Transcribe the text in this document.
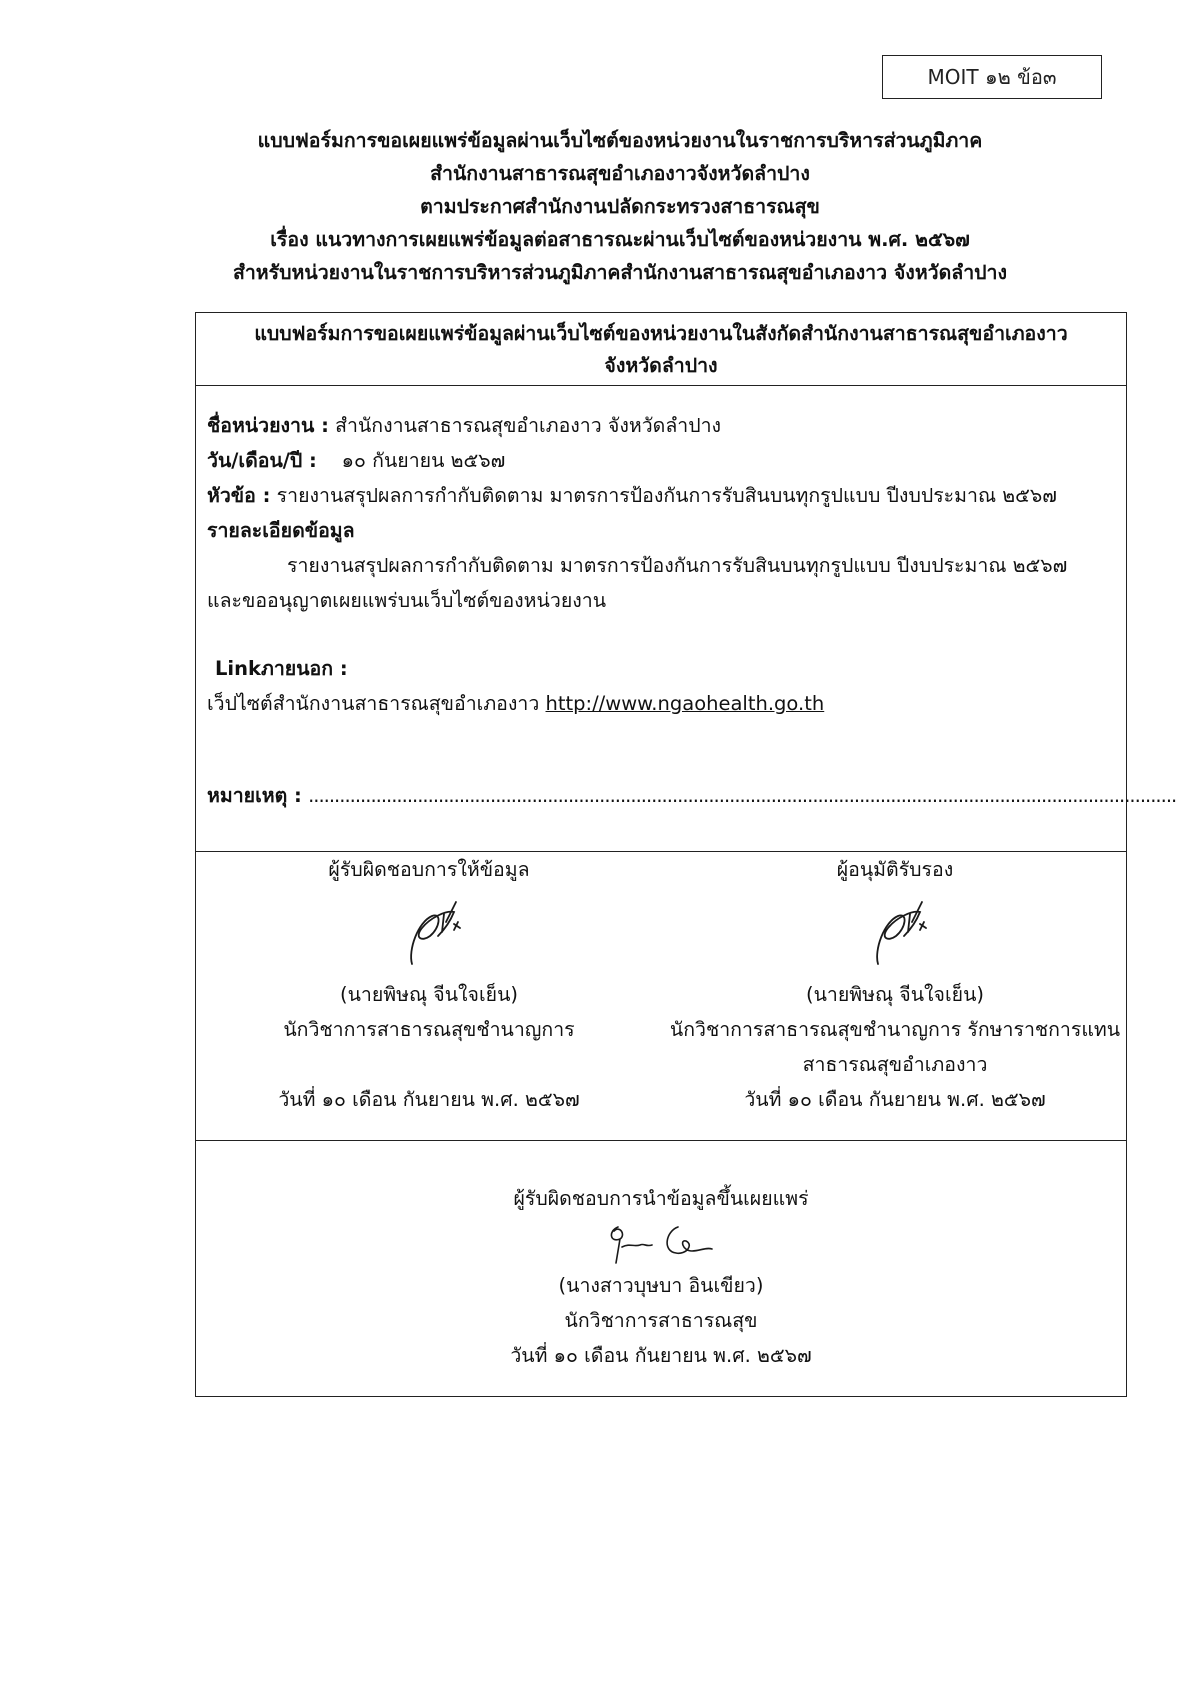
MOIT ๑๒ ข้อ๓
แบบฟอร์มการขอเผยแพร่ข้อมูลผ่านเว็บไซต์ของหน่วยงานในราชการบริหารส่วนภูมิภาค
สำนักงานสาธารณสุขอำเภองาวจังหวัดลำปาง
ตามประกาศสำนักงานปลัดกระทรวงสาธารณสุข
เรื่อง แนวทางการเผยแพร่ข้อมูลต่อสาธารณะผ่านเว็บไซต์ของหน่วยงาน พ.ศ. ๒๕๖๗
สำหรับหน่วยงานในราชการบริหารส่วนภูมิภาคสำนักงานสาธารณสุขอำเภองาว จังหวัดลำปาง
แบบฟอร์มการขอเผยแพร่ข้อมูลผ่านเว็บไซต์ของหน่วยงานในสังกัดสำนักงานสาธารณสุขอำเภองาว
จังหวัดลำปาง
ชื่อหน่วยงาน : สำนักงานสาธารณสุขอำเภองาว จังหวัดลำปาง
วัน/เดือน/ปี : ๑๐ กันยายน ๒๕๖๗
หัวข้อ : รายงานสรุปผลการกำกับติดตาม มาตรการป้องกันการรับสินบนทุกรูปแบบ ปีงบประมาณ ๒๕๖๗
รายละเอียดข้อมูล
รายงานสรุปผลการกำกับติดตาม มาตรการป้องกันการรับสินบนทุกรูปแบบ ปีงบประมาณ ๒๕๖๗
และขออนุญาตเผยแพร่บนเว็บไซต์ของหน่วยงาน
Linkภายนอก :
เว็ปไซต์สำนักงานสาธารณสุขอำเภองาว http://www.ngaohealth.go.th
หมายเหตุ : .......................................................................................................................................................................
ผู้รับผิดชอบการให้ข้อมูล
(นายพิษณุ จีนใจเย็น)
นักวิชาการสาธารณสุขชำนาญการ
วันที่ ๑๐ เดือน กันยายน พ.ศ. ๒๕๖๗
ผู้อนุมัติรับรอง
(นายพิษณุ จีนใจเย็น)
นักวิชาการสาธารณสุขชำนาญการ รักษาราชการแทน
สาธารณสุขอำเภองาว
วันที่ ๑๐ เดือน กันยายน พ.ศ. ๒๕๖๗
ผู้รับผิดชอบการนำข้อมูลขึ้นเผยแพร่
(นางสาวบุษบา อินเขียว)
นักวิชาการสาธารณสุข
วันที่ ๑๐ เดือน กันยายน พ.ศ. ๒๕๖๗
